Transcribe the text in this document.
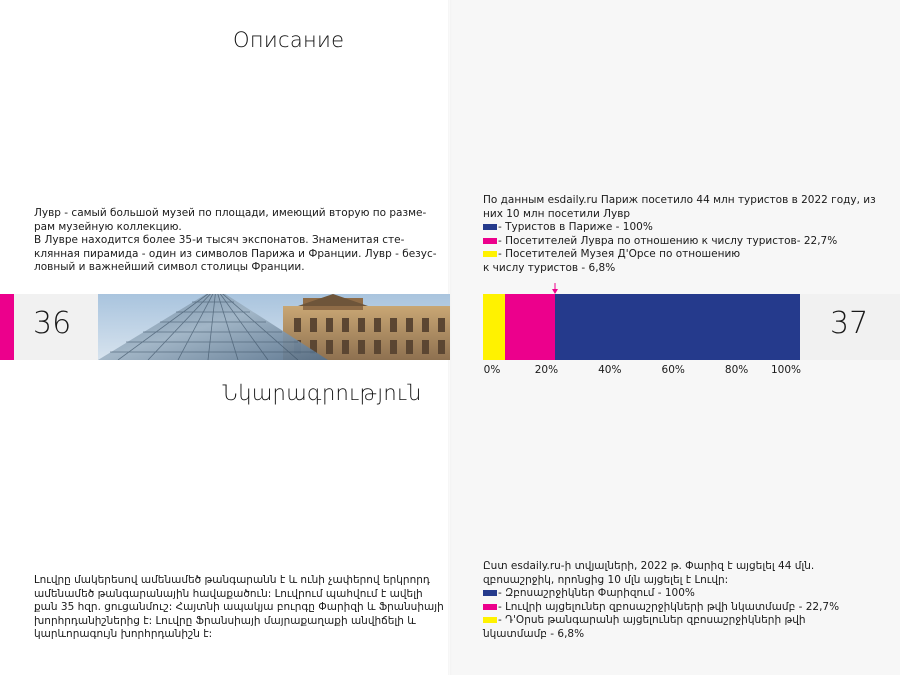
Описание
Лувр - самый большой музей по площади, имеющий вторую по разме-
рам музейную коллекцию.
В Лувре находится более 35-и тысяч экспонатов. Знаменитая сте-
клянная пирамида - один из символов Парижа и Франции. Лувр - безус-
ловный и важнейший символ столицы Франции.
36
Նկարագրություն
Լուվրը մակերեսով ամենամեծ թանգարանն է և ունի չափերով երկրորդ
ամենամեծ թանգարանային հավաքածուն: Լուվրում պահվում է ավելի
քան 35 հզր. ցուցանմուշ: Հայտնի ապակյա բուրգը Փարիզի և Ֆրանսիայի
խորհրդանիշներից է: Լուվրը Ֆրանսիայի մայրաքաղաքի անվիճելի և
կարևորագույն խորհրդանիշն է:
По данным esdaily.ru Париж посетило 44 млн туристов в 2022 году, из
них 10 млн посетили Лувр
- Туристов в Париже - 100%
- Посетителей Лувра по отношению к числу туристов- 22,7%
- Посетителей Музея Д'Орсе по отношению
к числу туристов - 6,8%
0%	20%	40%	60%	80% 100%
37
Ըստ esdaily.ru-ի տվյալների, 2022 թ. Փարիզ է այցելել 44 մլն.
զբոսաշրջիկ, որոնցից 10 մլն այցելել է Լուվր:
- Զբոսաշրջիկներ Փարիզում - 100%
- Լուվրի այցելուներ զբոսաշրջիկների թվի նկատմամբ - 22,7%
- Դ'Օրսե թանգարանի այցելուներ զբոսաշրջիկների թվի
նկատմամբ - 6,8%
